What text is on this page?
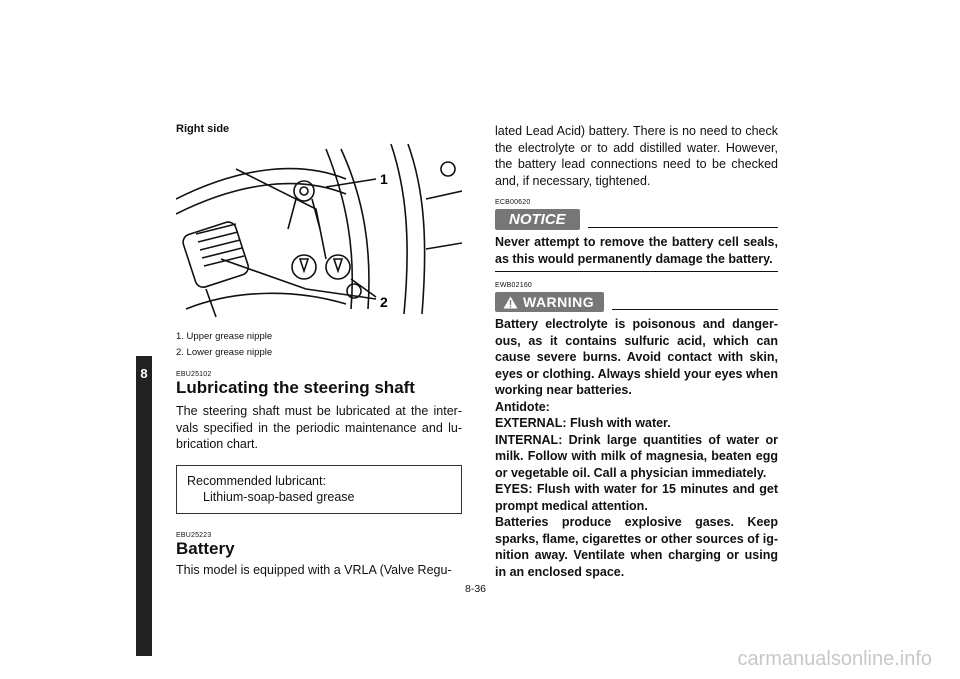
8

Right side

1
2
1. Upper grease nipple
2. Lower grease nipple
EBU25102
Lubricating the steering shaft

The steering shaft must be lubricated at the inter-vals specified in the periodic maintenance and lu-brication chart.

Recommended lubricant:
Lithium-soap-based grease
EBU25223
Battery

This model is equipped with a VRLA (Valve Regu-

lated Lead Acid) battery. There is no need to check the electrolyte or to add distilled water. However, the battery lead connections need to be checked and, if necessary, tightened.

ECB00620
NOTICE

Never attempt to remove the battery cell seals, as this would permanently damage the battery.

EWB02160
WARNING

Battery electrolyte is poisonous and danger-ous, as it contains sulfuric acid, which can cause severe burns. Avoid contact with skin, eyes or clothing. Always shield your eyes when working near batteries.

Antidote:

EXTERNAL: Flush with water.

INTERNAL: Drink large quantities of water or milk. Follow with milk of magnesia, beaten egg or vegetable oil. Call a physician immediately.

EYES: Flush with water for 15 minutes and get prompt medical attention.

Batteries produce explosive gases. Keep sparks, flame, cigarettes or other sources of ig-nition away. Ventilate when charging or using in an enclosed space.

8-36
carmanualsonline.info
